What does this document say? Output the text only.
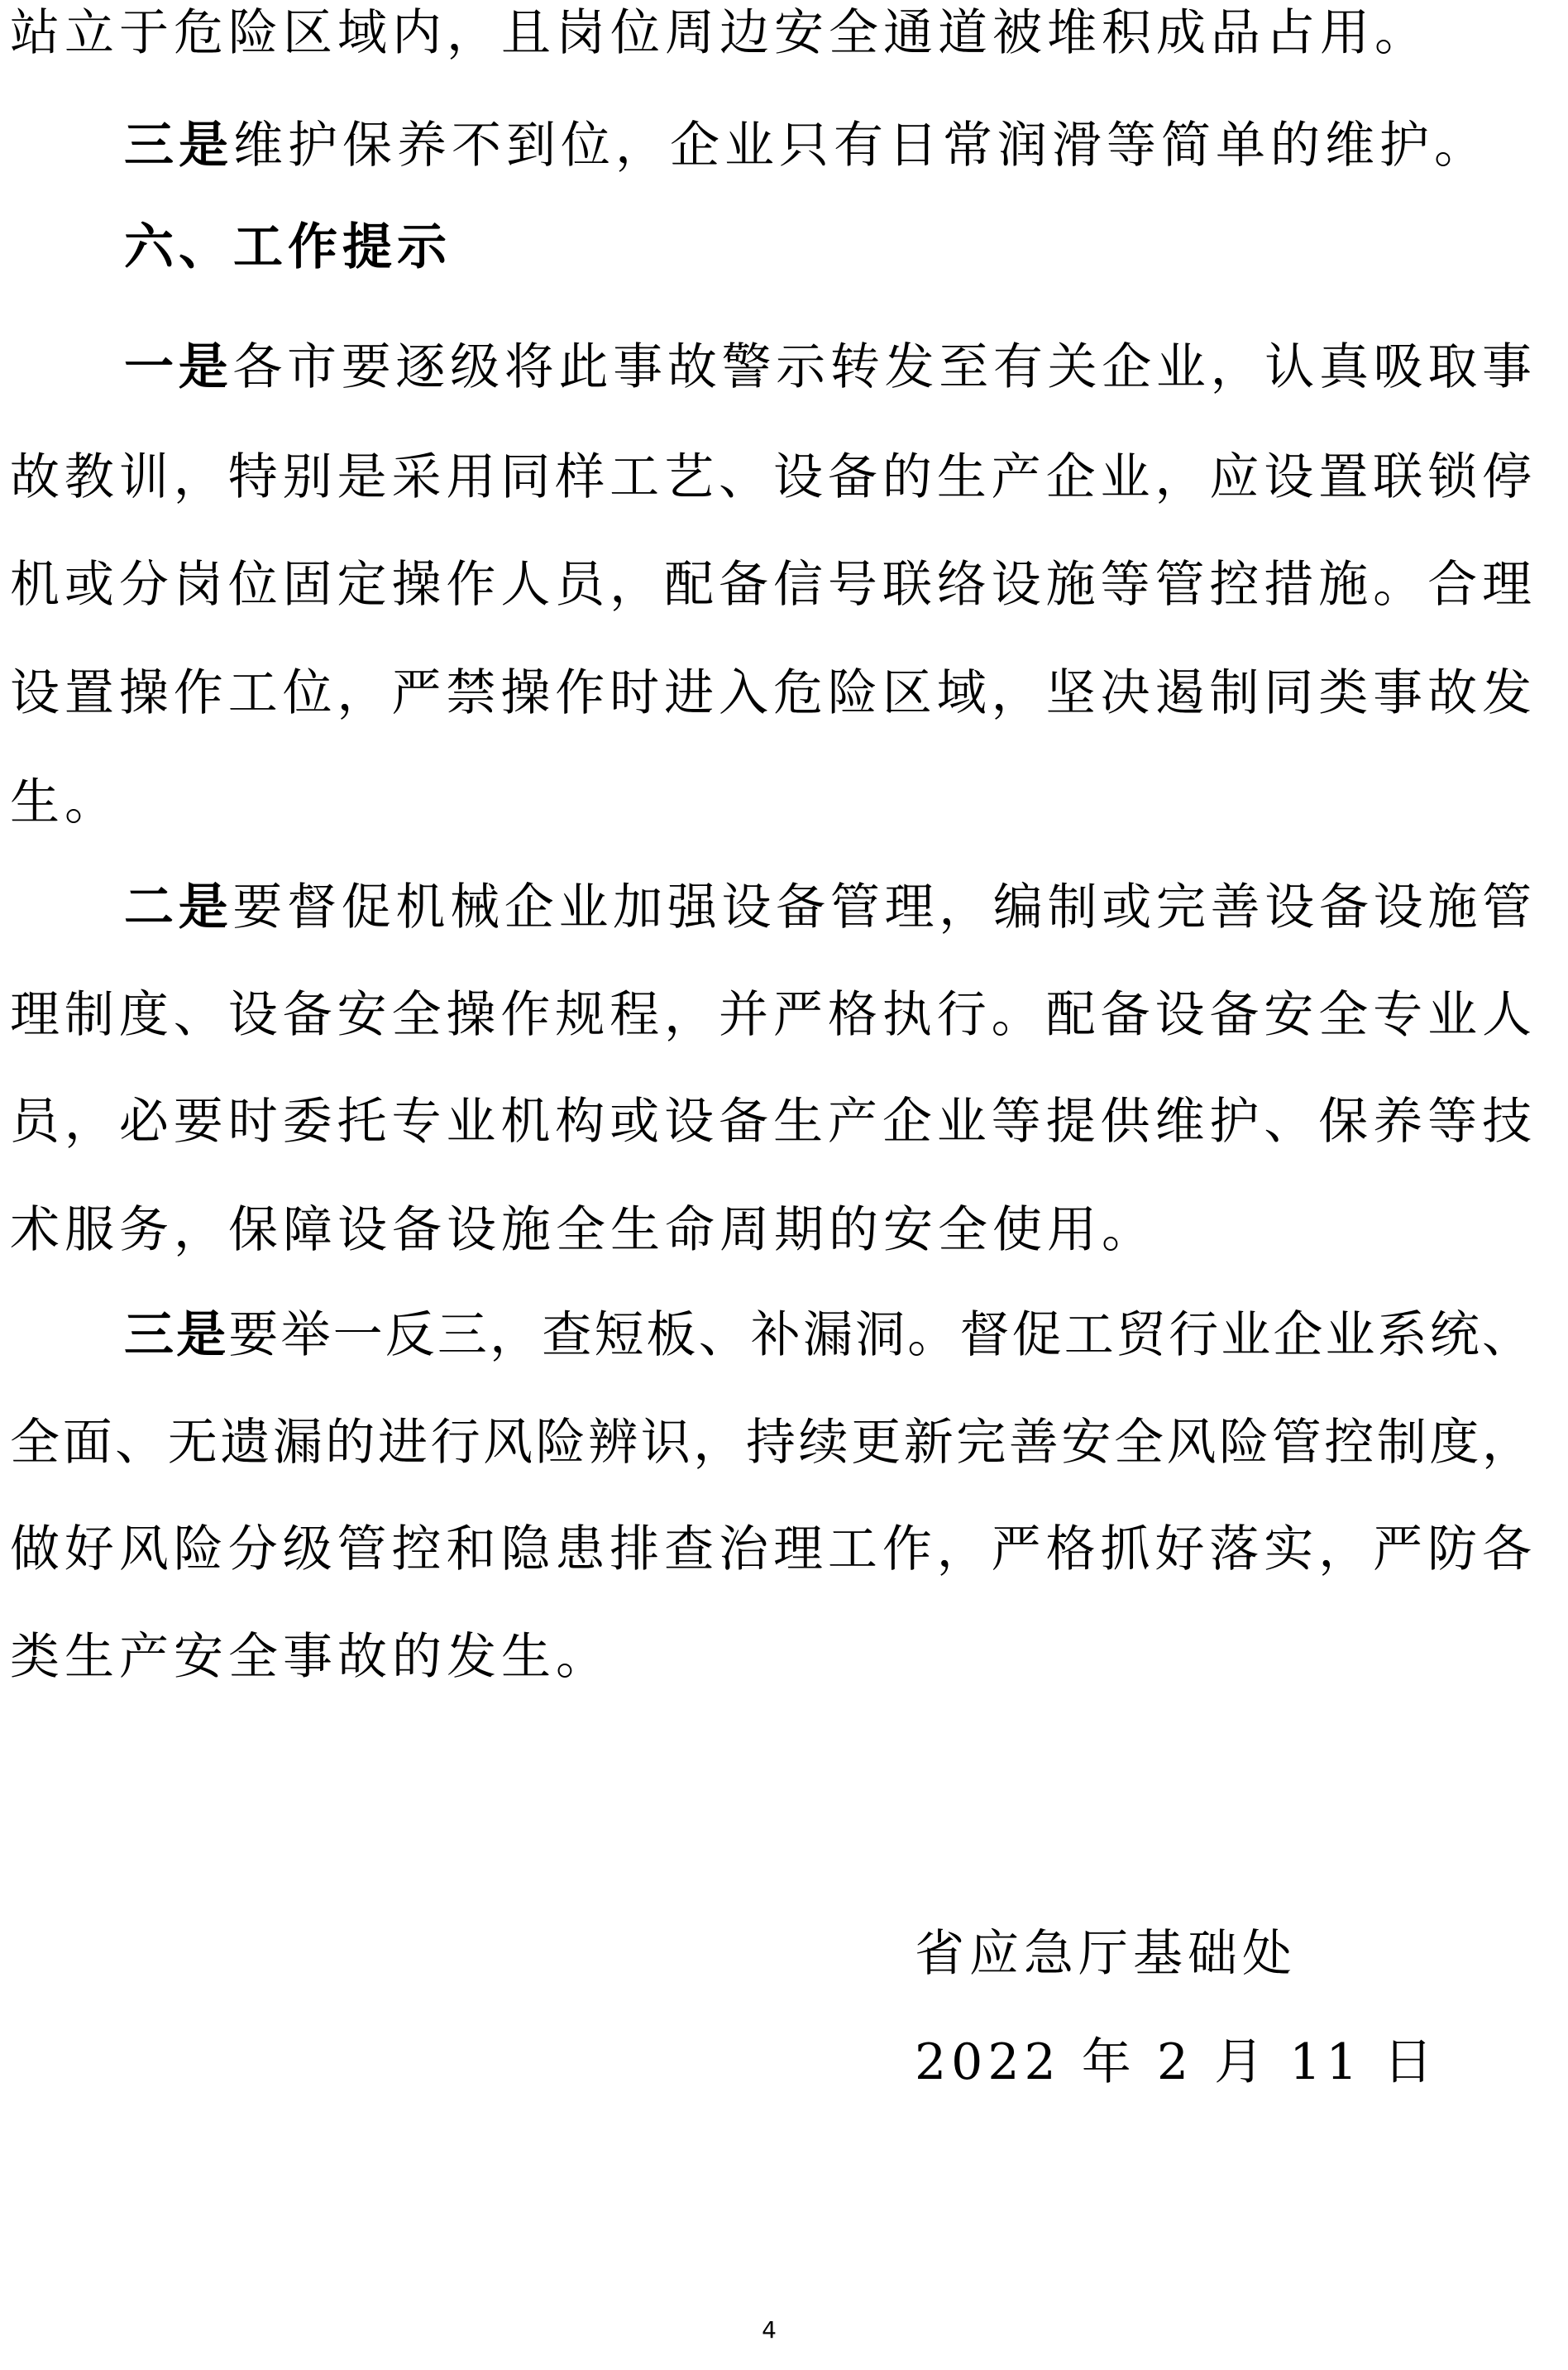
站立于危险区域内，且岗位周边安全通道被堆积成品占用。
三是维护保养不到位，企业只有日常润滑等简单的维护。
六、工作提示
一是各市要逐级将此事故警示转发至有关企业，认真吸取事
故教训，特别是采用同样工艺、设备的生产企业，应设置联锁停
机或分岗位固定操作人员，配备信号联络设施等管控措施。合理
设置操作工位，严禁操作时进入危险区域，坚决遏制同类事故发
生。
二是要督促机械企业加强设备管理，编制或完善设备设施管
理制度、设备安全操作规程，并严格执行。配备设备安全专业人
员，必要时委托专业机构或设备生产企业等提供维护、保养等技
术服务，保障设备设施全生命周期的安全使用。
三是要举一反三，查短板、补漏洞。督促工贸行业企业系统、
全面、无遗漏的进行风险辨识，持续更新完善安全风险管控制度，
做好风险分级管控和隐患排查治理工作，严格抓好落实，严防各
类生产安全事故的发生。
省应急厅基础处
2022 年 2 月 11 日
4
